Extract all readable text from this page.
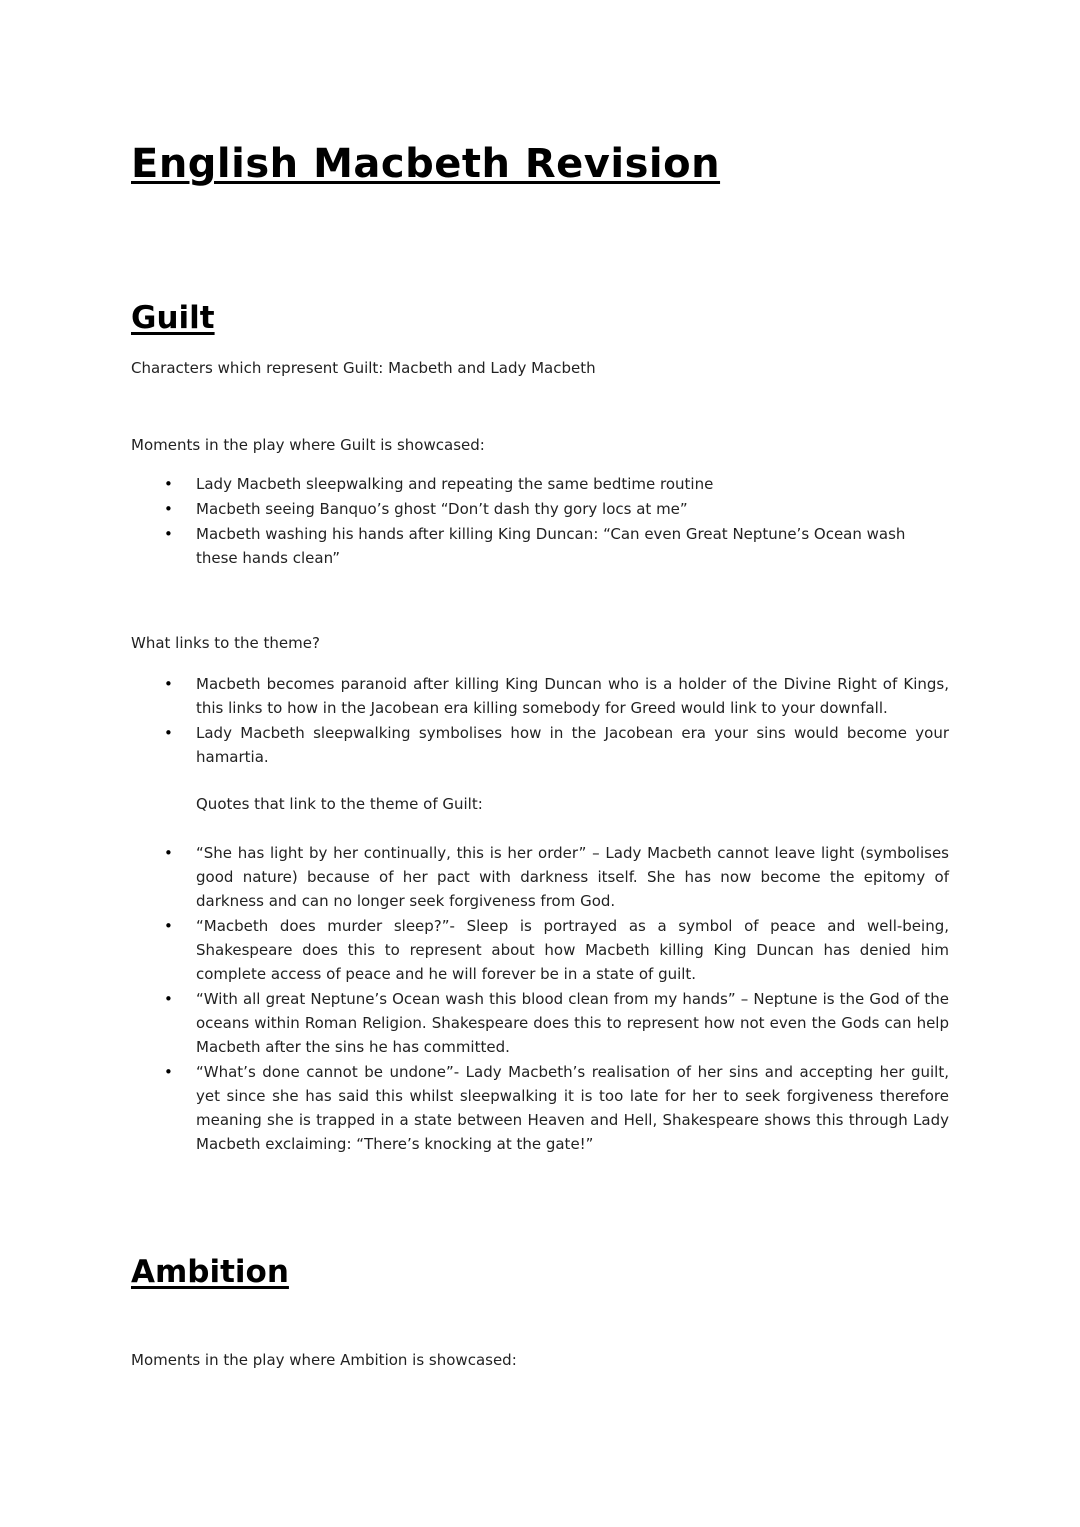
English Macbeth Revision
Guilt

Characters which represent Guilt: Macbeth and Lady Macbeth

Moments in the play where Guilt is showcased:

• Lady Macbeth sleepwalking and repeating the same bedtime routine
• Macbeth seeing Banquo’s ghost “Don’t dash thy gory locs at me”
• Macbeth washing his hands after killing King Duncan: “Can even Great Neptune’s Ocean wash these hands clean”

What links to the theme?

• Macbeth becomes paranoid after killing King Duncan who is a holder of the Divine Right of Kings, this links to how in the Jacobean era killing somebody for Greed would link to your downfall.
• Lady Macbeth sleepwalking symbolises how in the Jacobean era your sins would become your hamartia.

Quotes that link to the theme of Guilt:

• “She has light by her continually, this is her order” – Lady Macbeth cannot leave light (symbolises good nature) because of her pact with darkness itself. She has now become the epitomy of darkness and can no longer seek forgiveness from God.
• “Macbeth does murder sleep?”- Sleep is portrayed as a symbol of peace and well-being, Shakespeare does this to represent about how Macbeth killing King Duncan has denied him complete access of peace and he will forever be in a state of guilt.
• “With all great Neptune’s Ocean wash this blood clean from my hands” – Neptune is the God of the oceans within Roman Religion. Shakespeare does this to represent how not even the Gods can help Macbeth after the sins he has committed.
• “What’s done cannot be undone”- Lady Macbeth’s realisation of her sins and accepting her guilt, yet since she has said this whilst sleepwalking it is too late for her to seek forgiveness therefore meaning she is trapped in a state between Heaven and Hell, Shakespeare shows this through Lady Macbeth exclaiming: “There’s knocking at the gate!”
Ambition

Moments in the play where Ambition is showcased:
